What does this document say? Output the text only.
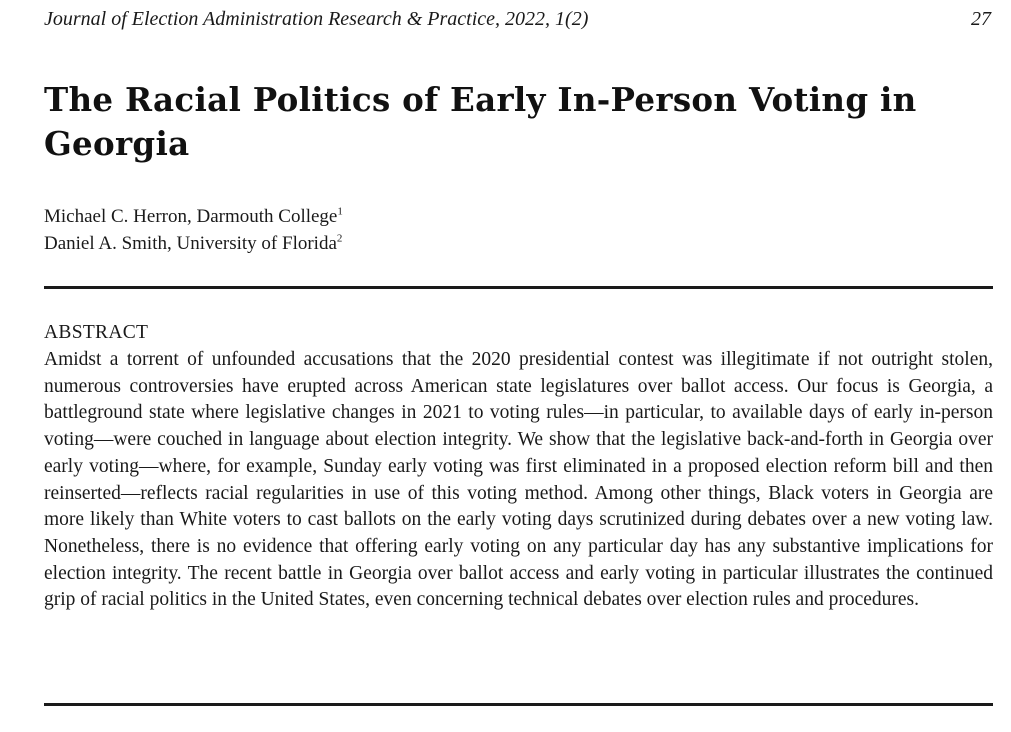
Journal of Election Administration Research & Practice, 2022, 1(2)	27
The Racial Politics of Early In-Person Voting in Georgia
Michael C. Herron, Darmouth College$^1$
Daniel A. Smith, University of Florida$^2$
ABSTRACT

Amidst a torrent of unfounded accusations that the 2020 presidential contest was illegitimate if not outright stolen, numerous controversies have erupted across American state legislatures over ballot access. Our focus is Georgia, a battleground state where legislative changes in 2021 to voting rules—in particular, to available days of early in-person voting—were couched in language about election integrity. We show that the legislative back-and-forth in Georgia over early voting—where, for example, Sunday early voting was first eliminated in a proposed election reform bill and then reinserted—reflects racial regularities in use of this voting method. Among other things, Black voters in Georgia are more likely than White voters to cast ballots on the early voting days scrutinized during debates over a new voting law. Nonetheless, there is no evidence that offering early voting on any particular day has any substantive implications for election integrity. The recent battle in Georgia over ballot access and early voting in particular illustrates the continued grip of racial politics in the United States, even concerning technical debates over election rules and procedures.
